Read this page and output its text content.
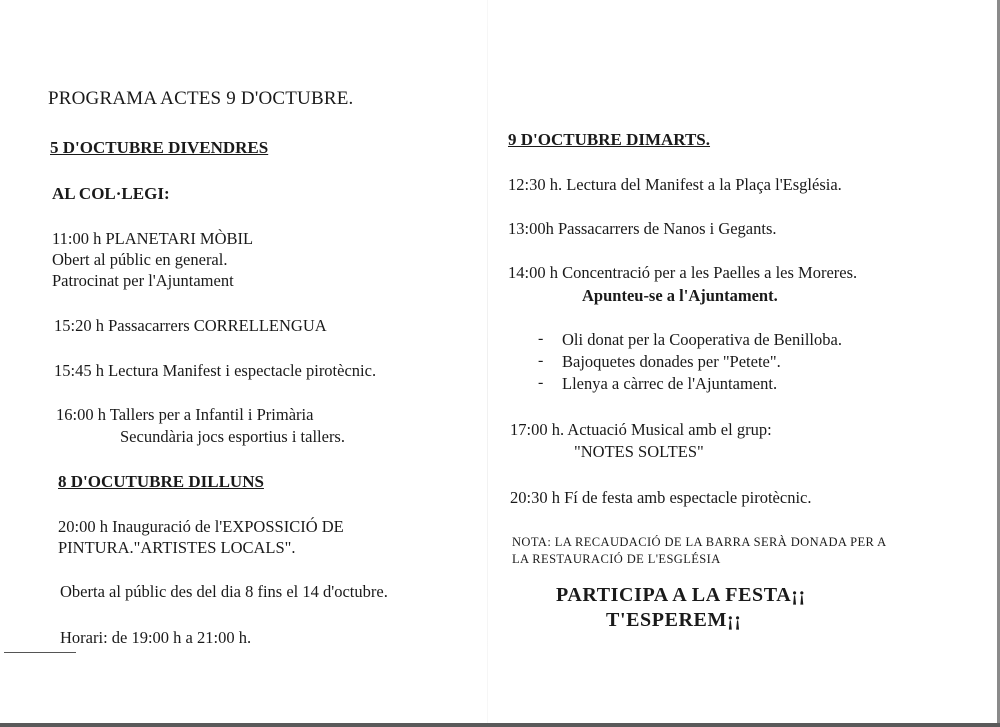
PROGRAMA ACTES 9 D'OCTUBRE.
5 D'OCTUBRE DIVENDRES
AL COL·LEGI:
11:00 h PLANETARI MÒBIL
Obert al públic en general.
Patrocinat per l'Ajuntament
15:20 h Passacarrers CORRELLENGUA
15:45 h Lectura Manifest i espectacle pirotècnic.
16:00 h Tallers per a Infantil i Primària
Secundària jocs esportius i tallers.
8 D'OCUTUBRE DILLUNS
20:00 h Inauguració de l'EXPOSSICIÓ DE
PINTURA."ARTISTES LOCALS".
Oberta al públic des del dia 8 fins el 14 d'octubre.
Horari: de 19:00 h a 21:00 h.
9 D'OCTUBRE DIMARTS.
12:30 h. Lectura del Manifest a la Plaça l'Església.
13:00h Passacarrers de Nanos i Gegants.
14:00 h Concentració per a les Paelles a les Moreres.
Apunteu-se a l'Ajuntament.
- Oli donat per la Cooperativa de Benilloba.
- Bajoquetes donades per "Petete".
- Llenya a càrrec de l'Ajuntament.
17:00 h. Actuació Musical amb el grup:
"NOTES SOLTES"
20:30 h Fí de festa amb espectacle pirotècnic.
NOTA: LA RECAUDACIÓ DE LA BARRA SERÀ DONADA PER A
LA RESTAURACIÓ DE L'ESGLÉSIA
PARTICIPA A LA FESTA¡¡
T'ESPEREM¡¡
